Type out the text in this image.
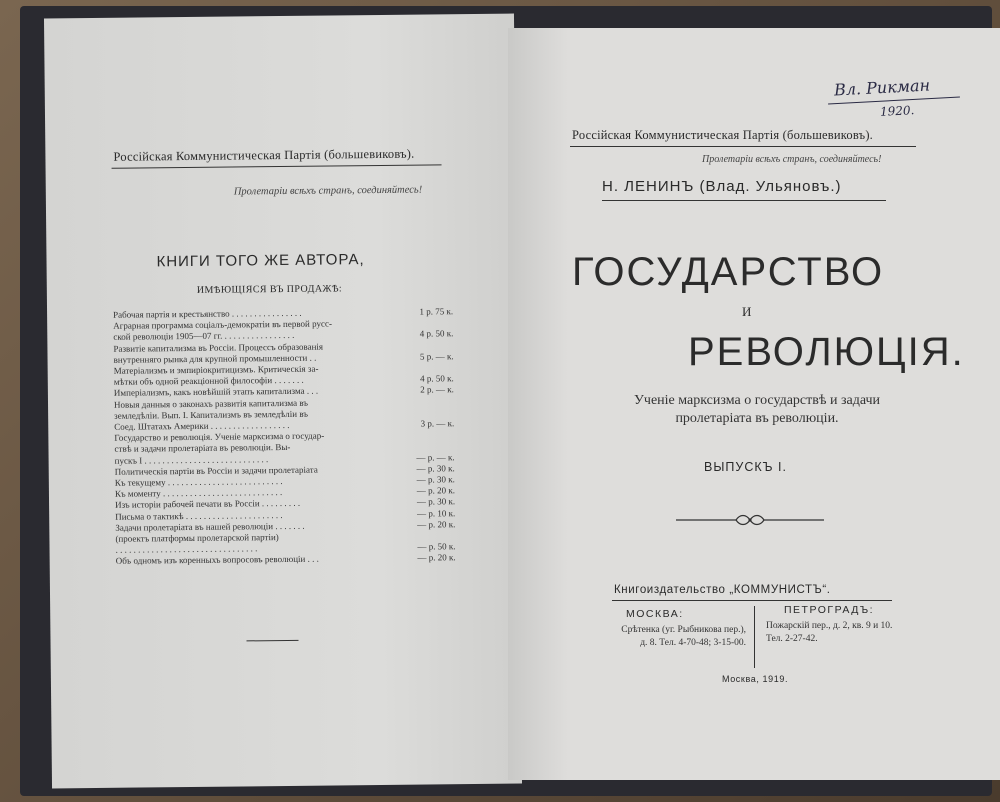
Россійская Коммунистическая Партія (большевиковъ).
Пролетаріи всѣхъ странъ, соединяйтесь!
КНИГИ ТОГО ЖЕ АВТОРА,
ИМѢЮЩІЯСЯ ВЪ ПРОДАЖѢ:
Рабочая партія и крестьянство . . . . . . . . . . . . . . . .	1 р. 75 к.
Аграрная программа соціалъ-демократіи въ первой русс-
ской революціи 1905—07 гг. . . . . . . . . . . . . . . . .	4 р. 50 к.
Развитіе капитализма въ Россіи. Процессъ образованія
внутренняго рынка для крупной промышленности . .	5 р. — к.
Матеріализмъ и эмпиріокритицизмъ. Критическія за-
мѣтки объ одной реакціонной философіи . . . . . . .	4 р. 50 к.
Имперіализмъ, какъ новѣйшій этапъ капитализма . . .	2 р. — к.
Новыя данныя о законахъ развитія капитализма въ
земледѣліи. Вып. І. Капитализмъ въ земледѣліи въ
Соед. Штатахъ Америки . . . . . . . . . . . . . . . . . .	3 р. — к.
Государство и революція. Ученіе марксизма о государ-
ствѣ и задачи пролетаріата въ революціи. Вы-
пускъ І . . . . . . . . . . . . . . . . . . . . . . . . . . . .	— р. — к.
Политическія партіи въ Россіи и задачи пролетаріата	— р. 30 к.
Къ текущему . . . . . . . . . . . . . . . . . . . . . . . . . .	— р. 30 к.
Къ моменту . . . . . . . . . . . . . . . . . . . . . . . . . . .	— р. 20 к.
Изъ исторіи рабочей печати въ Россіи . . . . . . . . .	— р. 30 к.
Письма о тактикѣ . . . . . . . . . . . . . . . . . . . . . .	— р. 10 к.
Задачи пролетаріата въ нашей революціи . . . . . . .	— р. 20 к.
(проектъ платформы пролетарской партіи)
. . . . . . . . . . . . . . . . . . . . . . . . . . . . . . . .	— р. 50 к.
Объ одномъ изъ коренныхъ вопросовъ революціи . . .	— р. 20 к.
Вл. Рикман
1920.
Россійская Коммунистическая Партія (большевиковъ).
Пролетаріи всѣхъ странъ, соединяйтесь!
Н. ЛЕНИНЪ (Влад. Ульяновъ.)
ГОСУДАРСТВО
И
РЕВОЛЮЦІЯ.
Ученіе марксизма о государствѣ и задачи пролетаріата въ революціи.
ВЫПУСКЪ І.
Книгоиздательство „КОММУНИСТЪ“.
МОСКВА:	ПЕТРОГРАДЪ:
Срѣтенка (уг. Рыбникова пер.),
д. 8. Тел. 4-70-48; 3-15-00.
Пожарскій пер., д. 2, кв. 9 и 10.
Тел. 2-27-42.
Москва, 1919.
